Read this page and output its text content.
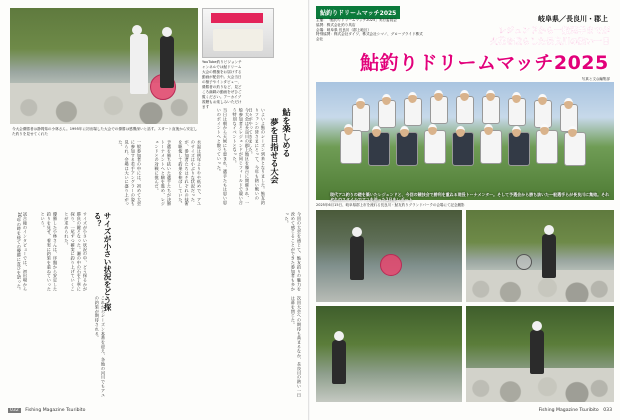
今大会優勝者は静岡県の小林さん。1995年に初出場した大会での優勝は感慨深いと話す。スタート直後から安定した釣りを見せてくれた
YouTube釣りビジョンチャンネルでは鮎ドリーム大会の模様をお届けする動画が配信中。大会当日の様子やインタビュー、優勝者の釣りなど、見どころ満載の動画をぜひご覧ください。アーカイブ視聴もお楽しみいただけます
鮎を楽しめる
夢を目指せる大会
いよいよ鮎のシーズン到来となりました。鮎友釣りファンの皆さまにとって、今年も熱い戦いの日々がやってきました。
今大会は長良川の郡上地区を舞台に開催され、一般参加者とレジェンドが同じフィールドで競い合う特別なイベントとなった。
当日は朝から天候にも恵まれ、選手たちは思い思いのポイントへと散っていった。
水温は例年よりやや低めで、アユのサイズは小ぶりな状況だったが、参加者たちはそれぞれの技術を駆使して釣果を伸ばしていた。
予選を勝ち抜いた選手たちが決勝トーナメントへと駒を進め、レジェンドとの対戦に挑んだ。
一般参加者の中には、初めて大会に参加する若手アングラーの姿も見られ、会場は大いに盛り上がった。
サイズが小さい状況をどう探る？
サイズが小さい状況の中、どう探るかが勝負の鍵となった。瀬の中の石を丁寧に探り、一尾ずつ確実に釣り上げていくことが求められた。
優勝した小林さんは、序盤から安定した釣りを見せ、着実に釣果を重ねていったという。
試合後のインタビューでは、初出場から30年の時を経ての優勝に喜びを語った。	今回の大会を通じて、鮎友釣りの魅力を改めて感じることができた参加者も多かった。
次回大会への期待も高まるなか、長良川の熱い一日は幕を閉じた。
これからシーズン本番を迎え、各地の河川でもアユの釣果が期待される。
032 Fishing Magazine Tsuribito
鮎釣りドリームマッチ2025
主催：「鮎釣りドリームマッチ2025」実行委員会
協賛：株式会社釣り具店
会場：岐阜県 長良川（郡上地区）
特別協賛：株式会社ダイワ、株式会社シマノ、グローブライド株式会社
岐阜県／長良川・郡上
レジェンドから一般選手までが
火花を散らした長良川の熱い一日
鮎釣りドリームマッチ2025
写真と文◎編集部
現代アユ釣りの礎を築いたレジェンドと、今回の競技会で勝利を重ねる現役トーナメンター。そして予選会から勝ち抜いた一般選手らが長良川に集結。それぞれのスタイルでアユを追った1日をレポート
2025年6月15日、岐阜県郡上市を流れる長良川・鮎友釣りグランドパークの会場にて記念撮影
Fishing Magazine Tsuribito 033
